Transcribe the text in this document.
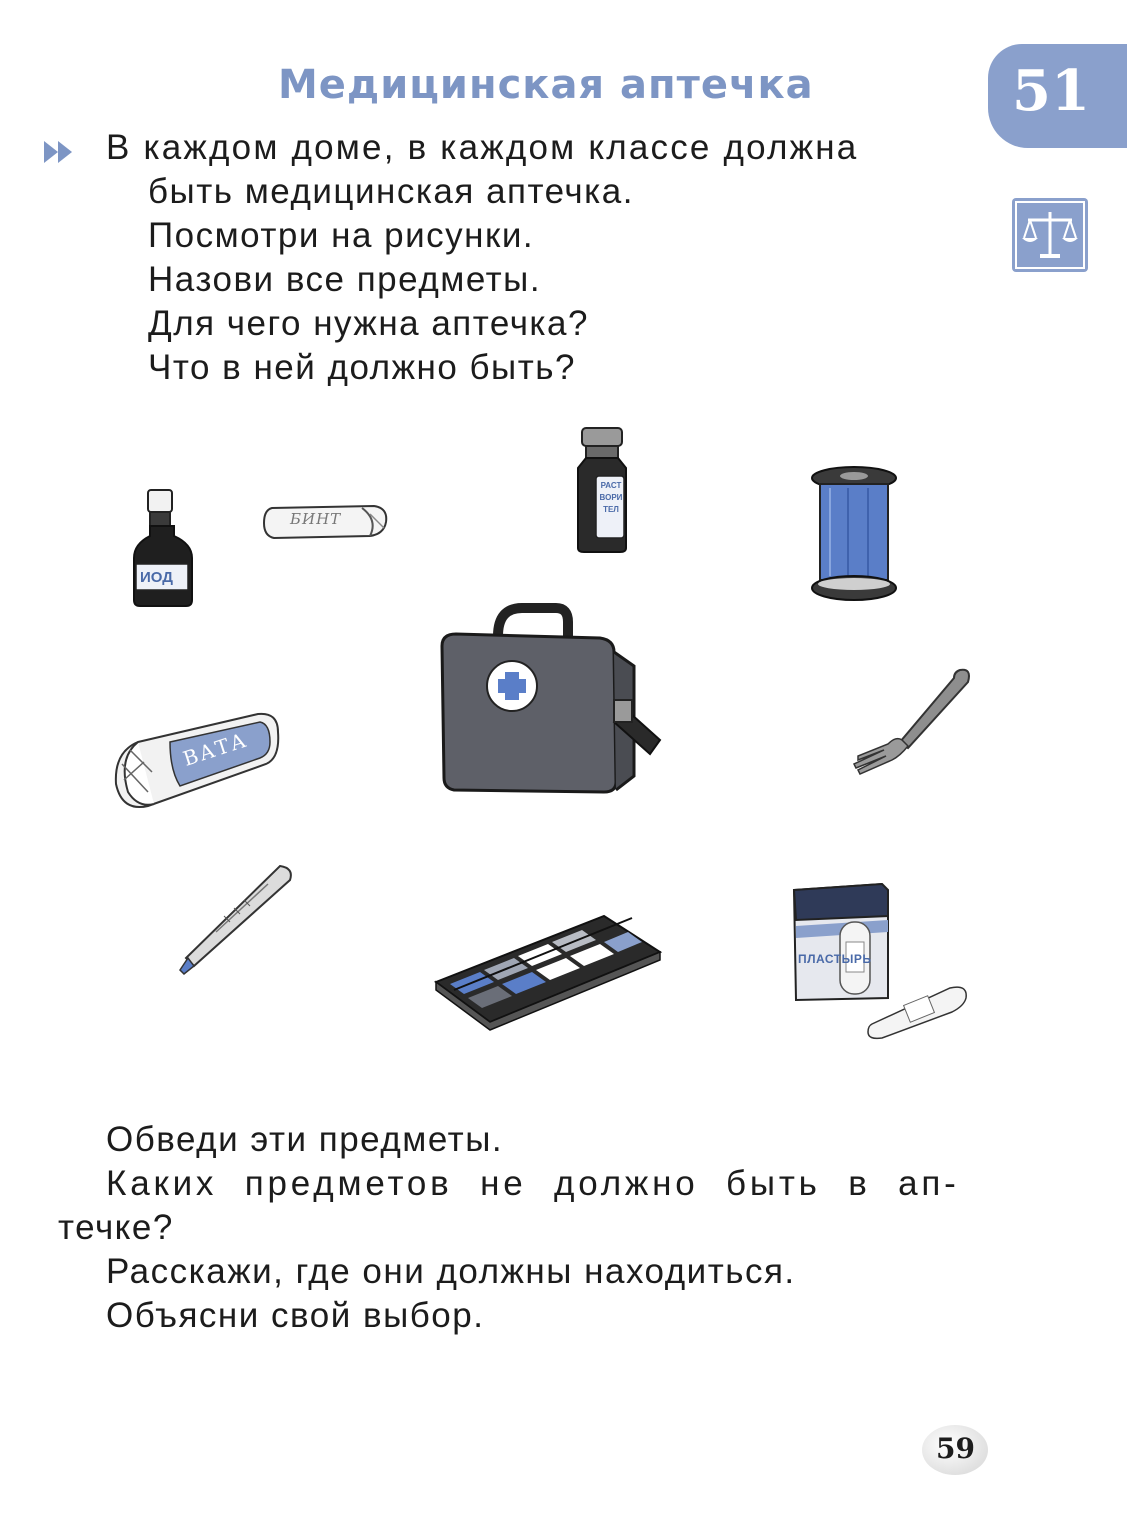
Медицинская аптечка	51

В каждом доме, в каждом классе должна

быть медицинская аптечка.

Посмотри на рисунки.

Назови все предметы.

Для чего нужна аптечка?

Что в ней должно быть?

ИОД
БИНТ
РАСТ ВОРИ ТЕЛ
ВАТА
ПЛАСТЫРЬ

Обведи эти предметы.

Каких предметов не должно быть в ап-

течке?

Расскажи, где они должны находиться.

Объясни свой выбор.

59
